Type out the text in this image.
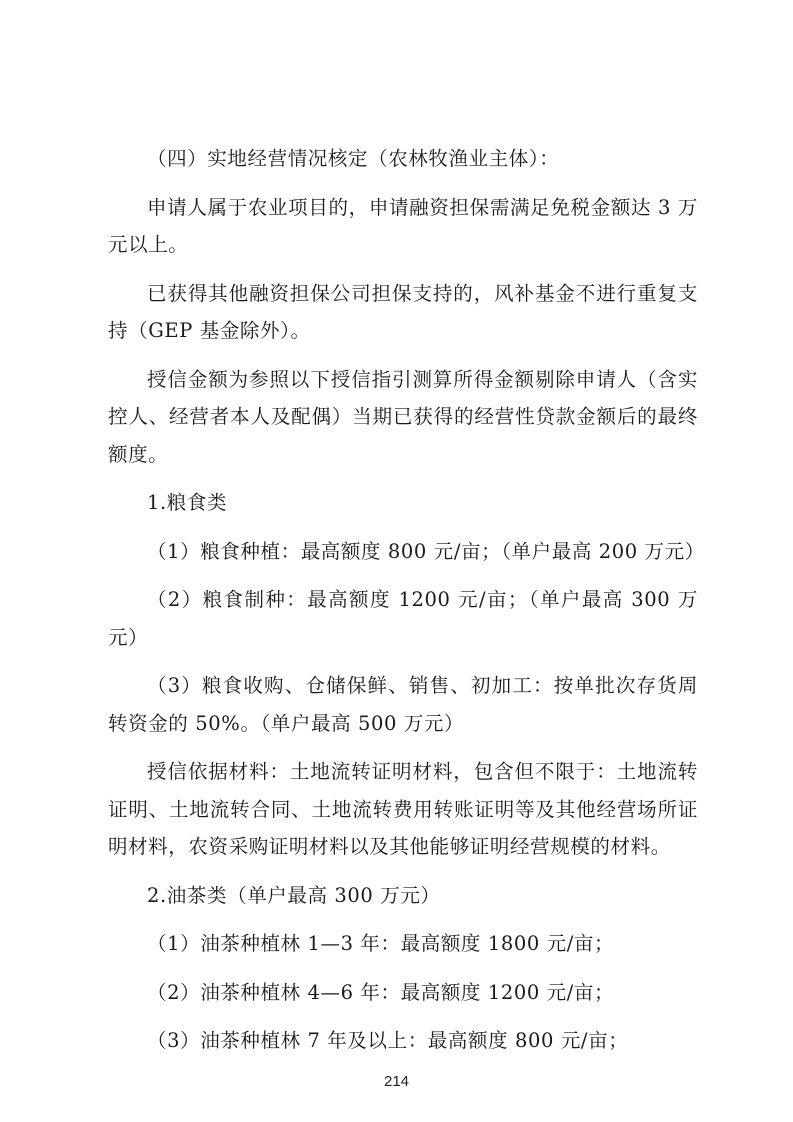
（四）实地经营情况核定（农林牧渔业主体）：

申请人属于农业项目的，申请融资担保需满足免税金额达 3 万元以上。

已获得其他融资担保公司担保支持的，风补基金不进行重复支持（GEP 基金除外）。

授信金额为参照以下授信指引测算所得金额剔除申请人（含实控人、经营者本人及配偶）当期已获得的经营性贷款金额后的最终额度。

1.粮食类

（1）粮食种植：最高额度 800 元/亩；（单户最高 200 万元）

（2）粮食制种：最高额度 1200 元/亩；（单户最高 300 万元）

（3）粮食收购、仓储保鲜、销售、初加工：按单批次存货周转资金的 50%。（单户最高 500 万元）

授信依据材料：土地流转证明材料，包含但不限于：土地流转证明、土地流转合同、土地流转费用转账证明等及其他经营场所证明材料，农资采购证明材料以及其他能够证明经营规模的材料。

2.油茶类（单户最高 300 万元）

（1）油茶种植林 1—3 年：最高额度 1800 元/亩；

（2）油茶种植林 4—6 年：最高额度 1200 元/亩；

（3）油茶种植林 7 年及以上：最高额度 800 元/亩；

214
